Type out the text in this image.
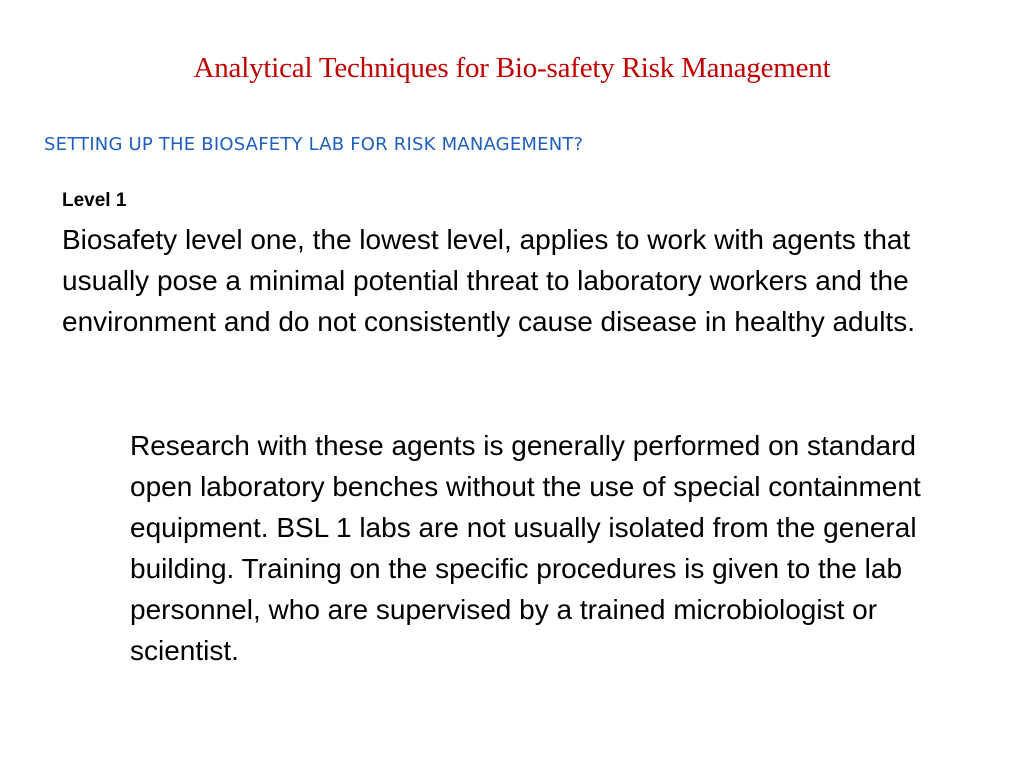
Analytical Techniques for Bio-safety Risk Management
SETTING UP THE BIOSAFETY LAB FOR RISK MANAGEMENT?

Level 1

Biosafety level one, the lowest level, applies to work with agents that usually pose a minimal potential threat to laboratory workers and the environment and do not consistently cause disease in healthy adults.

Research with these agents is generally performed on standard open laboratory benches without the use of special containment equipment. BSL 1 labs are not usually isolated from the general building. Training on the specific procedures is given to the lab personnel, who are supervised by a trained microbiologist or scientist.
